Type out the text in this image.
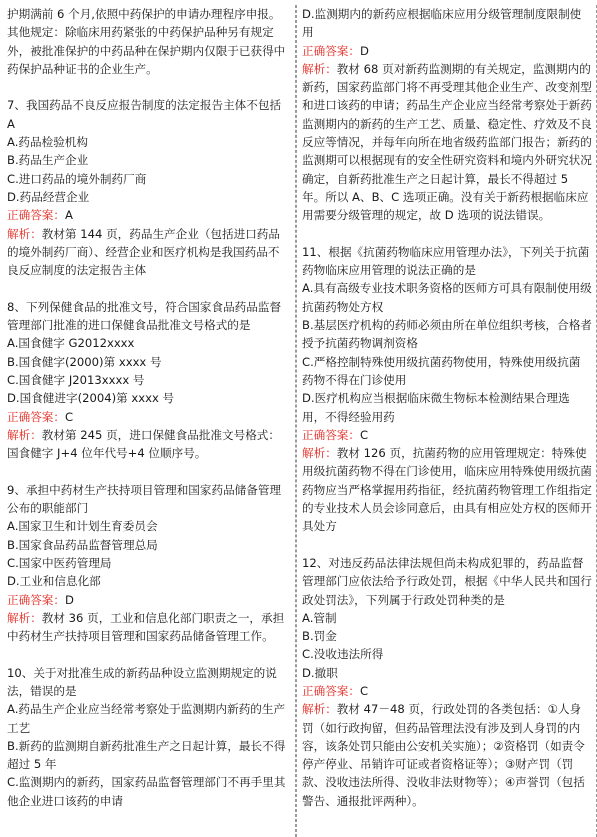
护期满前 6 个月,依照中药保护的申请办理程序申报。 其他规定：除临床用药紧张的中药保护品种另有规定外，被批准保护的中药品种在保护期内仅限于已获得中药保护品种证书的企业生产。

7、我国药品不良反应报告制度的法定报告主体不包括 A

A.药品检验机构

B.药品生产企业

C.进口药品的境外制药厂商

D.药品经营企业

正确答案：A

解析：教材第 144 页，药品生产企业（包括进口药品的境外制药厂商）、经营企业和医疗机构是我国药品不良反应制度的法定报告主体

8、下列保健食品的批准文号，符合国家食品药品监督管理部门批准的进口保健食品批准文号格式的是

A.国食健字 G2012xxxx

B.国食健字(2000)第 xxxx 号

C.国食健字 J2013xxxx 号

D.国食健进字(2004)第 xxxx 号

正确答案：C

解析：教材第 245 页，进口保健食品批准文号格式：国食健字 J+4 位年代号+4 位顺序号。

9、承担中药材生产扶持项目管理和国家药品储备管理公布的职能部门

A.国家卫生和计划生育委员会

B.国家食品药品监督管理总局

C.国家中医药管理局

D.工业和信息化部

正确答案：D

解析：教材 36 页，工业和信息化部门职责之一，承担中药材生产扶持项目管理和国家药品储备管理工作。

10、关于对批准生成的新药品种设立监测期规定的说法，错误的是

A.药品生产企业应当经常考察处于监测期内新药的生产工艺

B.新药的监测期自新药批准生产之日起计算，最长不得超过 5 年

C.监测期内的新药，国家药品监督管理部门不再手里其他企业进口该药的申请

D.监测期内的新药应根据临床应用分级管理制度限制使用

正确答案：D

解析：教材 68 页对新药监测期的有关规定，监测期内的新药，国家药监部门将不再受理其他企业生产、改变剂型和进口该药的申请；药品生产企业应当经常考察处于新药监测期内的新药的生产工艺、质量、稳定性、疗效及不良反应等情况，并每年向所在地省级药监部门报告；新药的监测期可以根据现有的安全性研究资料和境内外研究状况确定，自新药批准生产之日起计算，最长不得超过 5 年。所以 A、B、C 选项正确。没有关于新药根据临床应用需要分级管理的规定，故 D 选项的说法错误。

11、根据《抗菌药物临床应用管理办法》，下列关于抗菌药物临床应用管理的说法正确的是

A.具有高级专业技术职务资格的医师方可具有限制使用级抗菌药物处方权

B.基层医疗机构的药师必须由所在单位组织考核，合格者授予抗菌药物调剂资格

C.严格控制特殊使用级抗菌药物使用，特殊使用级抗菌药物不得在门诊使用

D.医疗机构应当根据临床微生物标本检测结果合理选用，不得经验用药

正确答案：C

解析：教材 126 页，抗菌药物的应用管理规定：特殊使用级抗菌药物不得在门诊使用，临床应用特殊使用级抗菌药物应当严格掌握用药指征，经抗菌药物管理工作组指定的专业技术人员会诊同意后，由具有相应处方权的医师开具处方

12、对违反药品法律法规但尚未构成犯罪的，药品监督管理部门应依法给予行政处罚，根据《中华人民共和国行政处罚法》，下列属于行政处罚种类的是

A.管制

B.罚金

C.没收违法所得

D.撤职

正确答案：C

解析：教材 47－48 页，行政处罚的各类包括：①人身罚（如行政拘留，但药品管理法没有涉及到人身罚的内容，该条处罚只能由公安机关实施）；②资格罚（如责令停产停业、吊销许可证或者资格证等）；③财产罚（罚款、没收违法所得、没收非法财物等）；④声誉罚（包括警告、通报批评两种）。
